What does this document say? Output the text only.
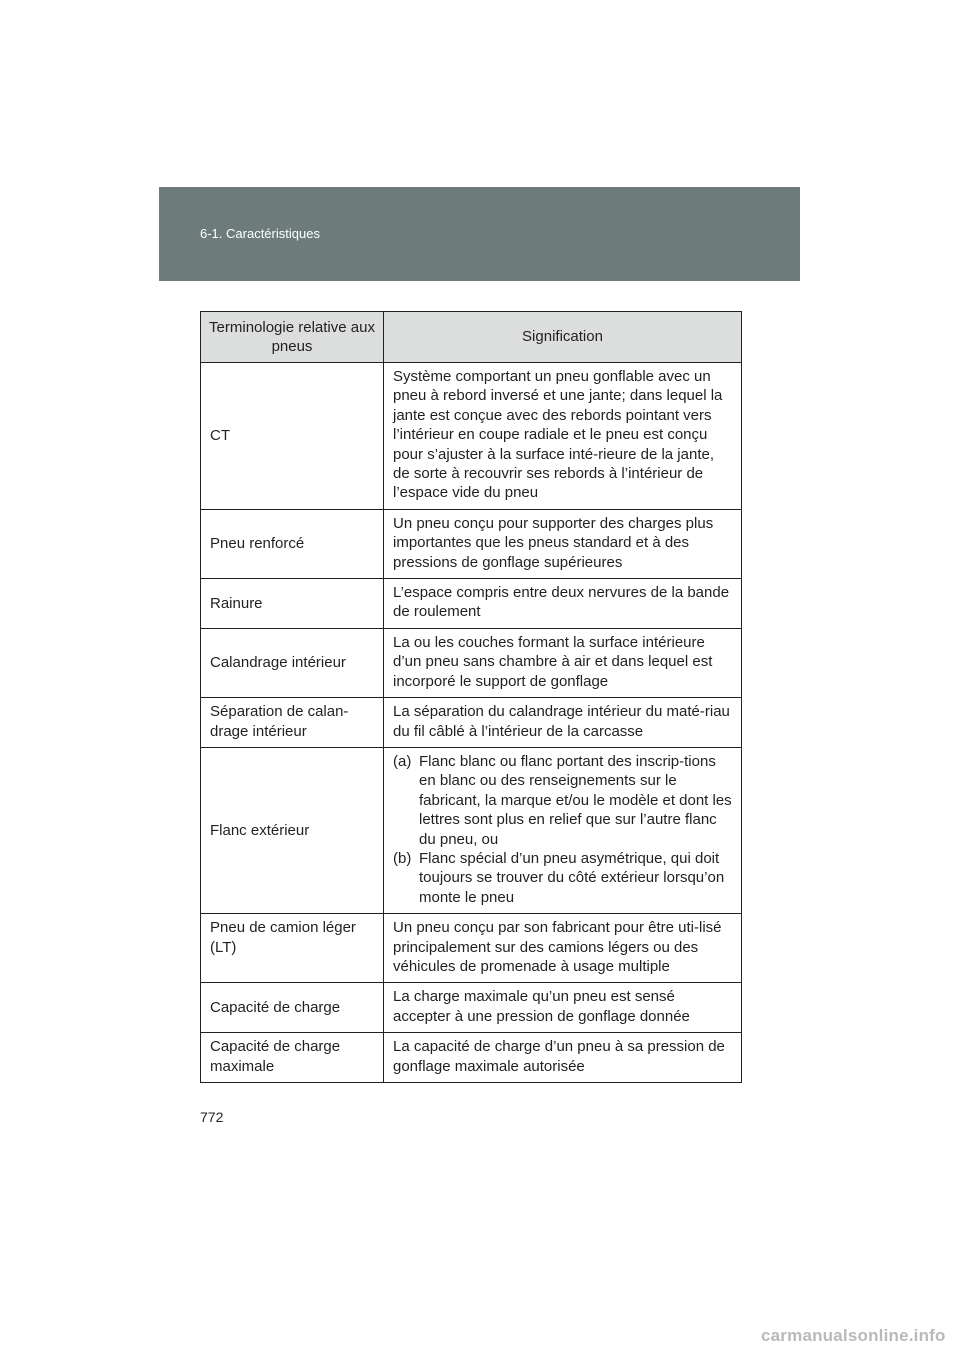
6-1. Caractéristiques
Terminologie relative aux pneus	Signification
CT	Système comportant un pneu gonflable avec un pneu à rebord inversé et une jante; dans lequel la jante est conçue avec des rebords pointant vers l’intérieur en coupe radiale et le pneu est conçu pour s’ajuster à la surface inté-rieure de la jante, de sorte à recouvrir ses rebords à l’intérieur de l’espace vide du pneu
Pneu renforcé	Un pneu conçu pour supporter des charges plus importantes que les pneus standard et à des pressions de gonflage supérieures
Rainure	L’espace compris entre deux nervures de la bande de roulement
Calandrage intérieur	La ou les couches formant la surface intérieure d’un pneu sans chambre à air et dans lequel est incorporé le support de gonflage
Séparation de calan-drage intérieur	La séparation du calandrage intérieur du maté-riau du fil câblé à l’intérieur de la carcasse
Flanc extérieur	(a) Flanc blanc ou flanc portant des inscrip-tions en blanc ou des renseignements sur le fabricant, la marque et/ou le modèle et dont les lettres sont plus en relief que sur l’autre flanc du pneu, ou
(b) Flanc spécial d’un pneu asymétrique, qui doit toujours se trouver du côté extérieur lorsqu’on monte le pneu

Pneu de camion léger (LT)	Un pneu conçu par son fabricant pour être uti-lisé principalement sur des camions légers ou des véhicules de promenade à usage multiple
Capacité de charge	La charge maximale qu’un pneu est sensé accepter à une pression de gonflage donnée
Capacité de charge maximale	La capacité de charge d’un pneu à sa pression de gonflage maximale autorisée
772
carmanualsonline.info
